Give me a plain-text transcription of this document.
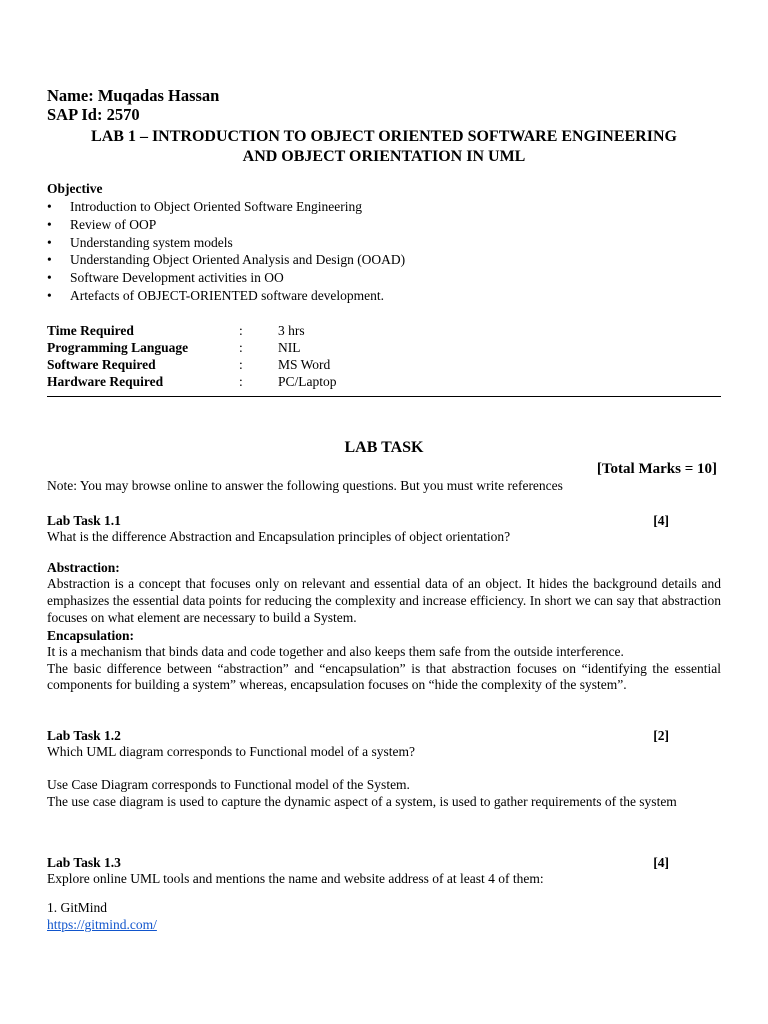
Name: Muqadas Hassan
SAP Id: 2570
LAB 1 – INTRODUCTION TO OBJECT ORIENTED SOFTWARE ENGINEERING
AND OBJECT ORIENTATION IN UML
Objective
• Introduction to Object Oriented Software Engineering
• Review of OOP
• Understanding system models
• Understanding Object Oriented Analysis and Design (OOAD)
• Software Development activities in OO
• Artefacts of OBJECT-ORIENTED software development.
Time Required	:	3 hrs
Programming Language	:	NIL
Software Required	:	MS Word
Hardware Required	:	PC/Laptop
LAB TASK
[Total Marks = 10]
Note: You may browse online to answer the following questions. But you must write references
Lab Task 1.1	[4]
What is the difference Abstraction and Encapsulation principles of object orientation?
Abstraction:
Abstraction is a concept that focuses only on relevant and essential data of an object. It hides the background details and emphasizes the essential data points for reducing the complexity and increase efficiency. In short we can say that abstraction focuses on what element are necessary to build a System.
Encapsulation:
It is a mechanism that binds data and code together and also keeps them safe from the outside interference.
The basic difference between “abstraction” and “encapsulation” is that abstraction focuses on “identifying the essential components for building a system” whereas, encapsulation focuses on “hide the complexity of the system”.
Lab Task 1.2	[2]
Which UML diagram corresponds to Functional model of a system?
Use Case Diagram corresponds to Functional model of the System.
The use case diagram is used to capture the dynamic aspect of a system, is used to gather requirements of the system
Lab Task 1.3	[4]
Explore online UML tools and mentions the name and website address of at least 4 of them:
1. GitMind
https://gitmind.com/
